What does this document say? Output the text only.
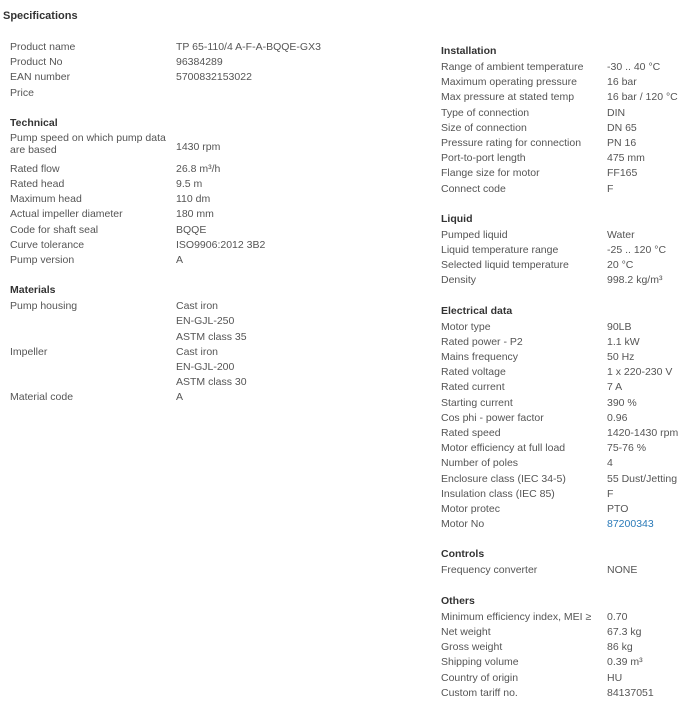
Specifications
Product name	TP 65-110/4 A-F-A-BQQE-GX3
Product No	96384289
EAN number	5700832153022
Price
Technical
Pump speed on which pump data are based	1430 rpm
Rated flow	26.8 m³/h
Rated head	9.5 m
Maximum head	110 dm
Actual impeller diameter	180 mm
Code for shaft seal	BQQE
Curve tolerance	ISO9906:2012 3B2
Pump version	A
Materials
Pump housing	Cast iron
EN-GJL-250
ASTM class 35
Impeller	Cast iron
EN-GJL-200
ASTM class 30
Material code	A
Installation
Range of ambient temperature	-30 .. 40 °C
Maximum operating pressure	16 bar
Max pressure at stated temp	16 bar / 120 °C
Type of connection	DIN
Size of connection	DN 65
Pressure rating for connection	PN 16
Port-to-port length	475 mm
Flange size for motor	FF165
Connect code	F
Liquid
Pumped liquid	Water
Liquid temperature range	-25 .. 120 °C
Selected liquid temperature	20 °C
Density	998.2 kg/m³
Electrical data
Motor type	90LB
Rated power - P2	1.1 kW
Mains frequency	50 Hz
Rated voltage	1 x 220-230 V
Rated current	7 A
Starting current	390 %
Cos phi - power factor	0.96
Rated speed	1420-1430 rpm
Motor efficiency at full load	75-76 %
Number of poles	4
Enclosure class (IEC 34-5)	55 Dust/Jetting
Insulation class (IEC 85)	F
Motor protec	PTO
Motor No	87200343
Controls
Frequency converter	NONE
Others
Minimum efficiency index, MEI ≥	0.70
Net weight	67.3 kg
Gross weight	86 kg
Shipping volume	0.39 m³
Country of origin	HU
Custom tariff no.	84137051
